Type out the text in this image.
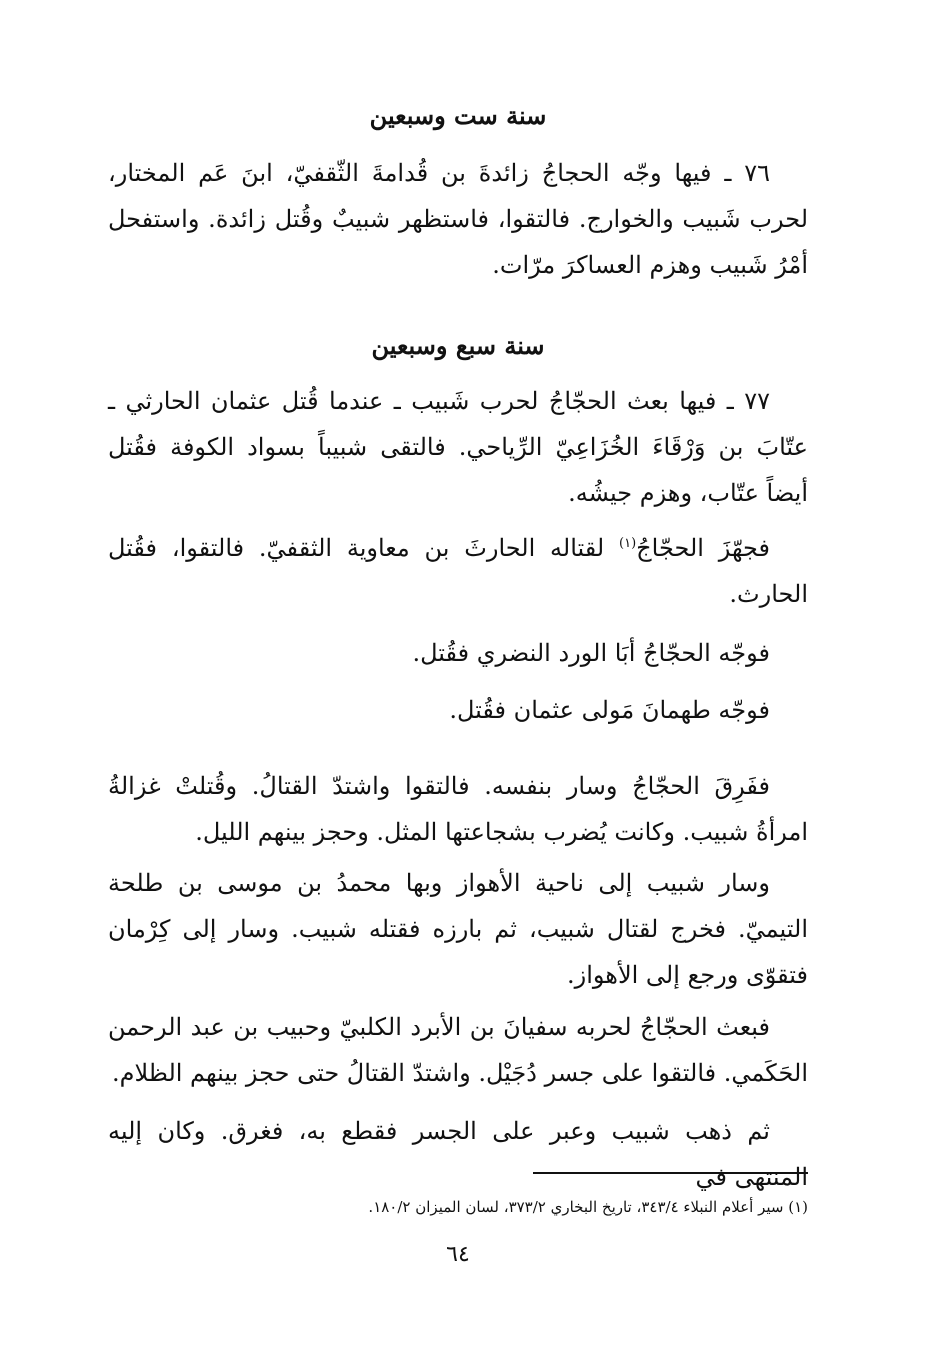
سنة ست وسبعين

٧٦ ـ فيها وجّه الحجاجُ زائدةَ بن قُدامةَ الثّقفيّ، ابنَ عَم المختار، لحرب شَبيب والخوارج. فالتقوا، فاستظهر شبيبٌ وقُتل زائدة. واستفحل أمْرُ شَبيب وهزم العساكرَ مرّات.

سنة سبع وسبعين

٧٧ ـ فيها بعث الحجّاجُ لحرب شَبيب ـ عندما قُتل عثمان الحارثي ـ عتّابَ بن وَرْقَاءَ الخُزَاعِيّ الرِّياحي. فالتقى شبيباً بسواد الكوفة فقُتل أيضاً عتّاب، وهزم جيشُه.

فجهّزَ الحجّاجُ$^{(١)}$ لقتاله الحارثَ بن معاوية الثقفيّ. فالتقوا، فقُتل الحارث.

فوجّه الحجّاجُ أبَا الورد النضري فقُتل.

فوجّه طهمانَ مَولى عثمان فقُتل.

ففَرِقَ الحجّاجُ وسار بنفسه. فالتقوا واشتدّ القتالُ. وقُتلتْ غزالةُ امرأةُ شبيب. وكانت يُضرب بشجاعتها المثل. وحجز بينهم الليل.

وسار شبيب إلى ناحية الأهواز وبها محمدُ بن موسى بن طلحة التيميّ. فخرج لقتال شبيب، ثم بارزه فقتله شبيب. وسار إلى كِرْمان فتقوّى ورجع إلى الأهواز.

فبعث الحجّاجُ لحربه سفيانَ بن الأبرد الكلبيّ وحبيب بن عبد الرحمن الحَكَمي. فالتقوا على جسر دُجَيْل. واشتدّ القتالُ حتى حجز بينهم الظلام.

ثم ذهب شبيب وعبر على الجسر فقطع به، فغرق. وكان إليه المنتهى في

(١) سير أعلام النبلاء ٣٤٣/٤، تاريخ البخاري ٣٧٣/٢، لسان الميزان ١٨٠/٢.
٦٤
